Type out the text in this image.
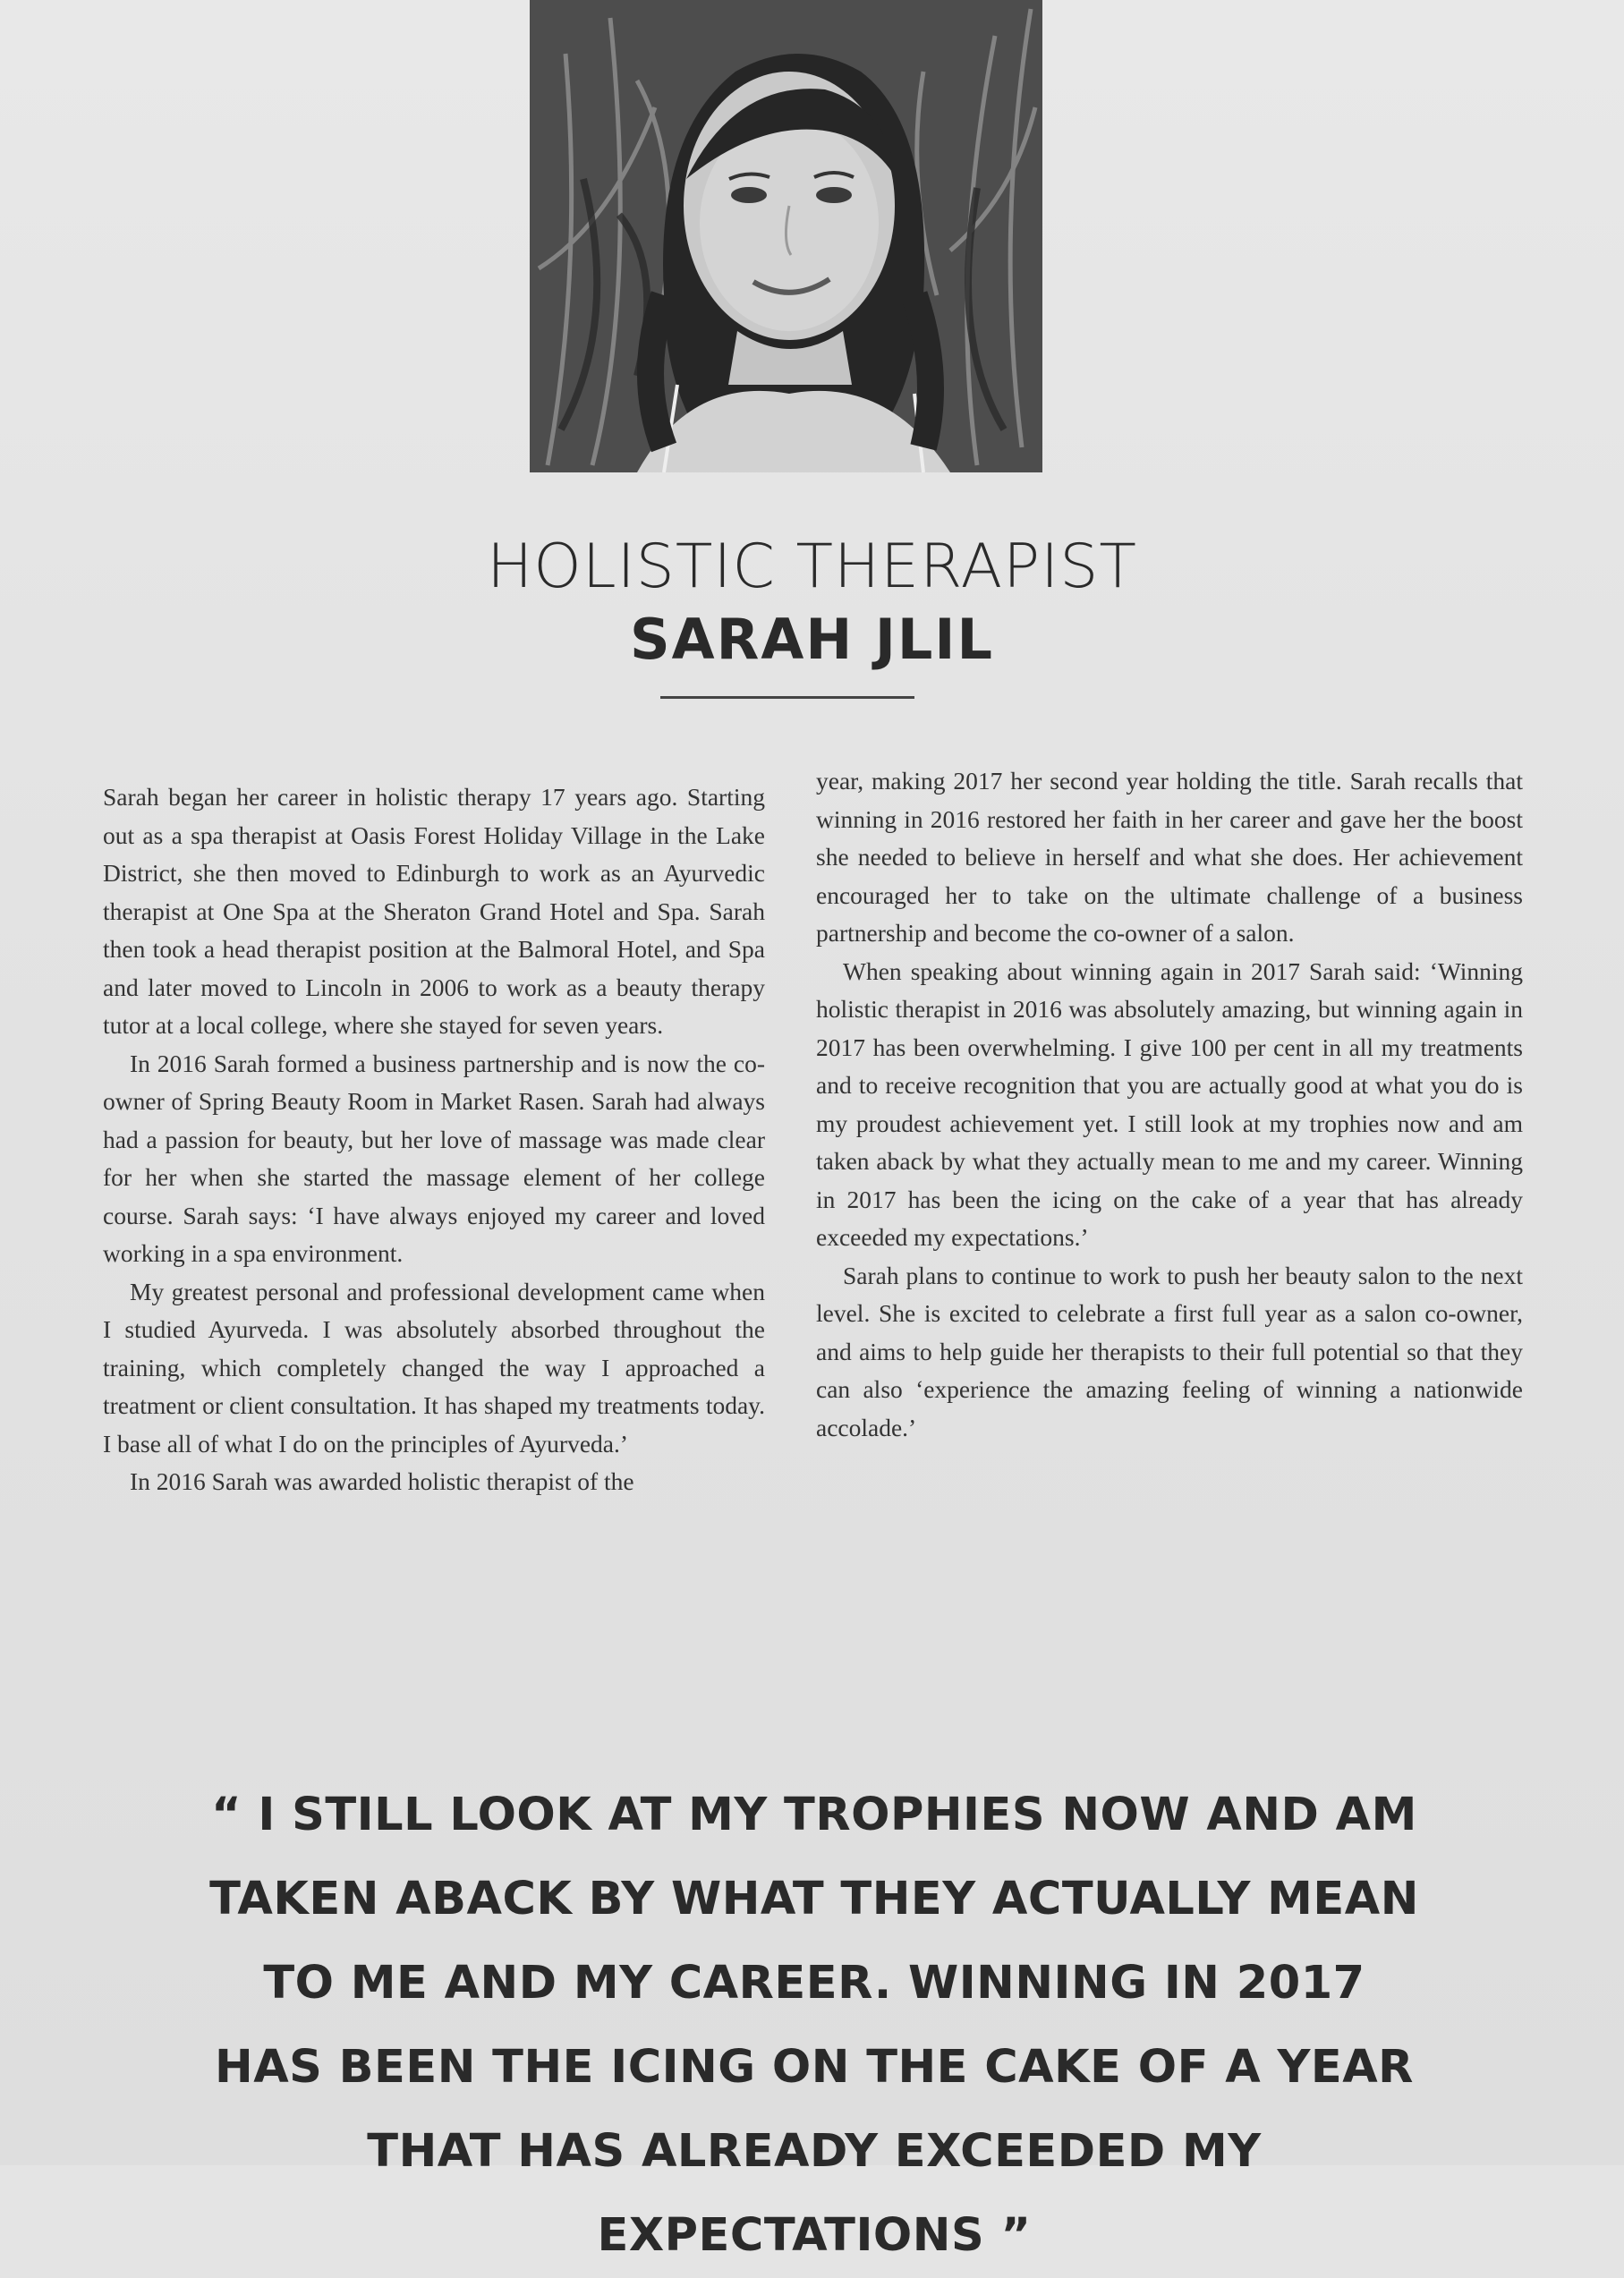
HOLISTIC THERAPIST
SARAH JLIL

Sarah began her career in holistic therapy 17 years ago. Starting out as a spa therapist at Oasis Forest Holiday Village in the Lake District, she then moved to Edinburgh to work as an Ayurvedic therapist at One Spa at the Sheraton Grand Hotel and Spa. Sarah then took a head therapist position at the Balmoral Hotel, and Spa and later moved to Lincoln in 2006 to work as a beauty therapy tutor at a local college, where she stayed for seven years.

In 2016 Sarah formed a business partnership and is now the co-owner of Spring Beauty Room in Market Rasen. Sarah had always had a passion for beauty, but her love of massage was made clear for her when she started the massage element of her college course. Sarah says: ‘I have always enjoyed my career and loved working in a spa environment.

My greatest personal and professional development came when I studied Ayurveda. I was absolutely absorbed throughout the training, which completely changed the way I approached a treatment or client consultation. It has shaped my treatments today. I base all of what I do on the principles of Ayurveda.’

In 2016 Sarah was awarded holistic therapist of the

year, making 2017 her second year holding the title. Sarah recalls that winning in 2016 restored her faith in her career and gave her the boost she needed to believe in herself and what she does. Her achievement encouraged her to take on the ultimate challenge of a business partnership and become the co-owner of a salon.

When speaking about winning again in 2017 Sarah said: ‘Winning holistic therapist in 2016 was absolutely amazing, but winning again in 2017 has been overwhelming. I give 100 per cent in all my treatments and to receive recognition that you are actually good at what you do is my proudest achievement yet. I still look at my trophies now and am taken aback by what they actually mean to me and my career. Winning in 2017 has been the icing on the cake of a year that has already exceeded my expectations.’

Sarah plans to continue to work to push her beauty salon to the next level. She is excited to celebrate a first full year as a salon co-owner, and aims to help guide her therapists to their full potential so that they can also ‘experience the amazing feeling of winning a nationwide accolade.’

“ I STILL LOOK AT MY TROPHIES NOW AND AM TAKEN ABACK BY WHAT THEY ACTUALLY MEAN TO ME AND MY CAREER. WINNING IN 2017 HAS BEEN THE ICING ON THE CAKE OF A YEAR THAT HAS ALREADY EXCEEDED MY EXPECTATIONS ”
